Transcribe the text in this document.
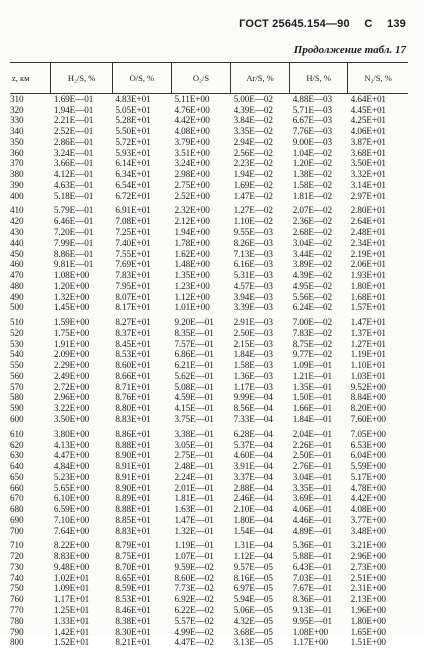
ГОСТ 25645.154—90 С 139
Продолжение табл. 17
z, км	H₂/S, %	O/S, %	O₂/S	Ar/S, %	H/S, %	N₂/S, %
310	1.69E—01	4.83E+01	5.11E+00	5.00E—02	4.88E—03	4.64E+01
320	1.94E—01	5.05E+01	4.76E+00	4.39E—02	5.71E—03	4.45E+01
330	2.21E—01	5.28E+01	4.42E+00	3.84E—02	6.67E—03	4.25E+01
340	2.52E—01	5.50E+01	4.08E+00	3.35E—02	7.76E—03	4.06E+01
350	2.86E—01	5.72E+01	3.79E+00	2.94E—02	9.00E—03	3.87E+01
360	3.24E—01	5.93E+01	3.51E+00	2.56E—02	1.04E—02	3.68E+01
370	3.66E—01	6.14E+01	3.24E+00	2.23E—02	1.20E—02	3.50E+01
380	4.12E—01	6.34E+01	2.98E+00	1.94E—02	1.38E—02	3.32E+01
390	4.63E—01	6.54E+01	2.75E+00	1.69E—02	1.58E—02	3.14E+01
400	5.18E—01	6.72E+01	2.52E+00	1.47E—02	1.81E—02	2.97E+01

410	5.79E—01	6.91E+01	2.32E+00	1.27E—02	2.07E—02	2.80E+01
420	6.46E—01	7.08E+01	2.12E+00	1.10E—02	2.36E—02	2.64E+01
430	7.20E—01	7.25E+01	1.94E+00	9.55E—03	2.68E—02	2.48E+01
440	7.99E—01	7.40E+01	1.78E+00	8.26E—03	3.04E—02	2.34E+01
450	8.86E—01	7.55E+01	1.62E+00	7.13E—03	3.44E—02	2.19E+01
460	9.81E—01	7.69E+01	1.48E+00	6.16E—03	3.89E—02	2.06E+01
470	1.08E+00	7.83E+01	1.35E+00	5.31E—03	4.39E—02	1.93E+01
480	1.20E+00	7.95E+01	1.23E+00	4.57E—03	4.95E—02	1.80E+01
490	1.32E+00	8.07E+01	1.12E+00	3.94E—03	5.56E—02	1.68E+01
500	1.45E+00	8.17E+01	1.01E+00	3.39E—03	6.24E—02	1.57E+01

510	1.59E+00	8.27E+01	9.20E—01	2.91E—03	7.00E—02	1.47E+01
520	1.75E+00	8.37E+01	8.35E—01	2.50E—03	7.83E—02	1.37E+01
530	1.91E+00	8.45E+01	7.57E—01	2.15E—03	8.75E—02	1.27E+01
540	2.09E+00	8.53E+01	6.86E—01	1.84E—03	9.77E—02	1.19E+01
550	2.29E+00	8.60E+01	6.21E—01	1.58E—03	1.09E—01	1.10E+01
560	2.49E+00	8.66E+01	5.62E—01	1.36E—03	1.21E—01	1.03E+01
570	2.72E+00	8.71E+01	5.08E—01	1.17E—03	1.35E—01	9.52E+00
580	2.96E+00	8.76E+01	4.59E—01	9.99E—04	1.50E—01	8.84E+00
590	3.22E+00	8.80E+01	4.15E—01	8.56E—04	1.66E—01	8.20E+00
600	3.50E+00	8.83E+01	3.75E—01	7.33E—04	1.84E—01	7.60E+00

610	3.80E+00	8.86E+01	3.38E—01	6.28E—04	2.04E—01	7.05E+00
620	4.13E+00	8.88E+01	3.05E—01	5.37E—04	2.26E—01	6.53E+00
630	4.47E+00	8.90E+01	2.75E—01	4.60E—04	2.50E—01	6.04E+00
640	4.84E+00	8.91E+01	2.48E—01	3.91E—04	2.76E—01	5.59E+00
650	5.23E+00	8.91E+01	2.24E—01	3.37E—04	3.04E—01	5.17E+00
660	5.65E+00	8.90E+01	2.01E—01	2.88E—04	3.35E—01	4.78E+00
670	6.10E+00	8.89E+01	1.81E—01	2.46E—04	3.69E—01	4.42E+00
680	6.59E+00	8.88E+01	1.63E—01	2.10E—04	4.06E—01	4.08E+00
690	7.10E+00	8.85E+01	1.47E—01	1.80E—04	4.46E—01	3.77E+00
700	7.64E+00	8.83E+01	1.32E—01	1.54E—04	4.89E—01	3.48E+00

710	8.22E+00	8.79E+01	1.19E—01	1.31E—04	5.36E—01	3.21E+00
720	8.83E+00	8.75E+01	1.07E—01	1.12E—04	5.88E—01	2.96E+00
730	9.48E+00	8.70E+01	9.59E—02	9.57E—05	6.43E—01	2.73E+00
740	1.02E+01	8.65E+01	8.60E—02	8.16E—05	7.03E—01	2.51E+00
750	1.09E+01	8.59E+01	7.73E—02	6.97E—05	7.67E—01	2.31E+00
760	1.17E+01	8.53E+01	6.92E—02	5.94E—05	8.36E—01	2.13E+00
770	1.25E+01	8.46E+01	6.22E—02	5.06E—05	9.13E—01	1.96E+00
780	1.33E+01	8.38E+01	5.57E—02	4.32E—05	9.95E—01	1.80E+00
790	1.42E+01	8.30E+01	4.99E—02	3.68E—05	1.08E+00	1.65E+00
800	1.52E+01	8.21E+01	4.47E—02	3.13E—05	1.17E+00	1.51E+00
